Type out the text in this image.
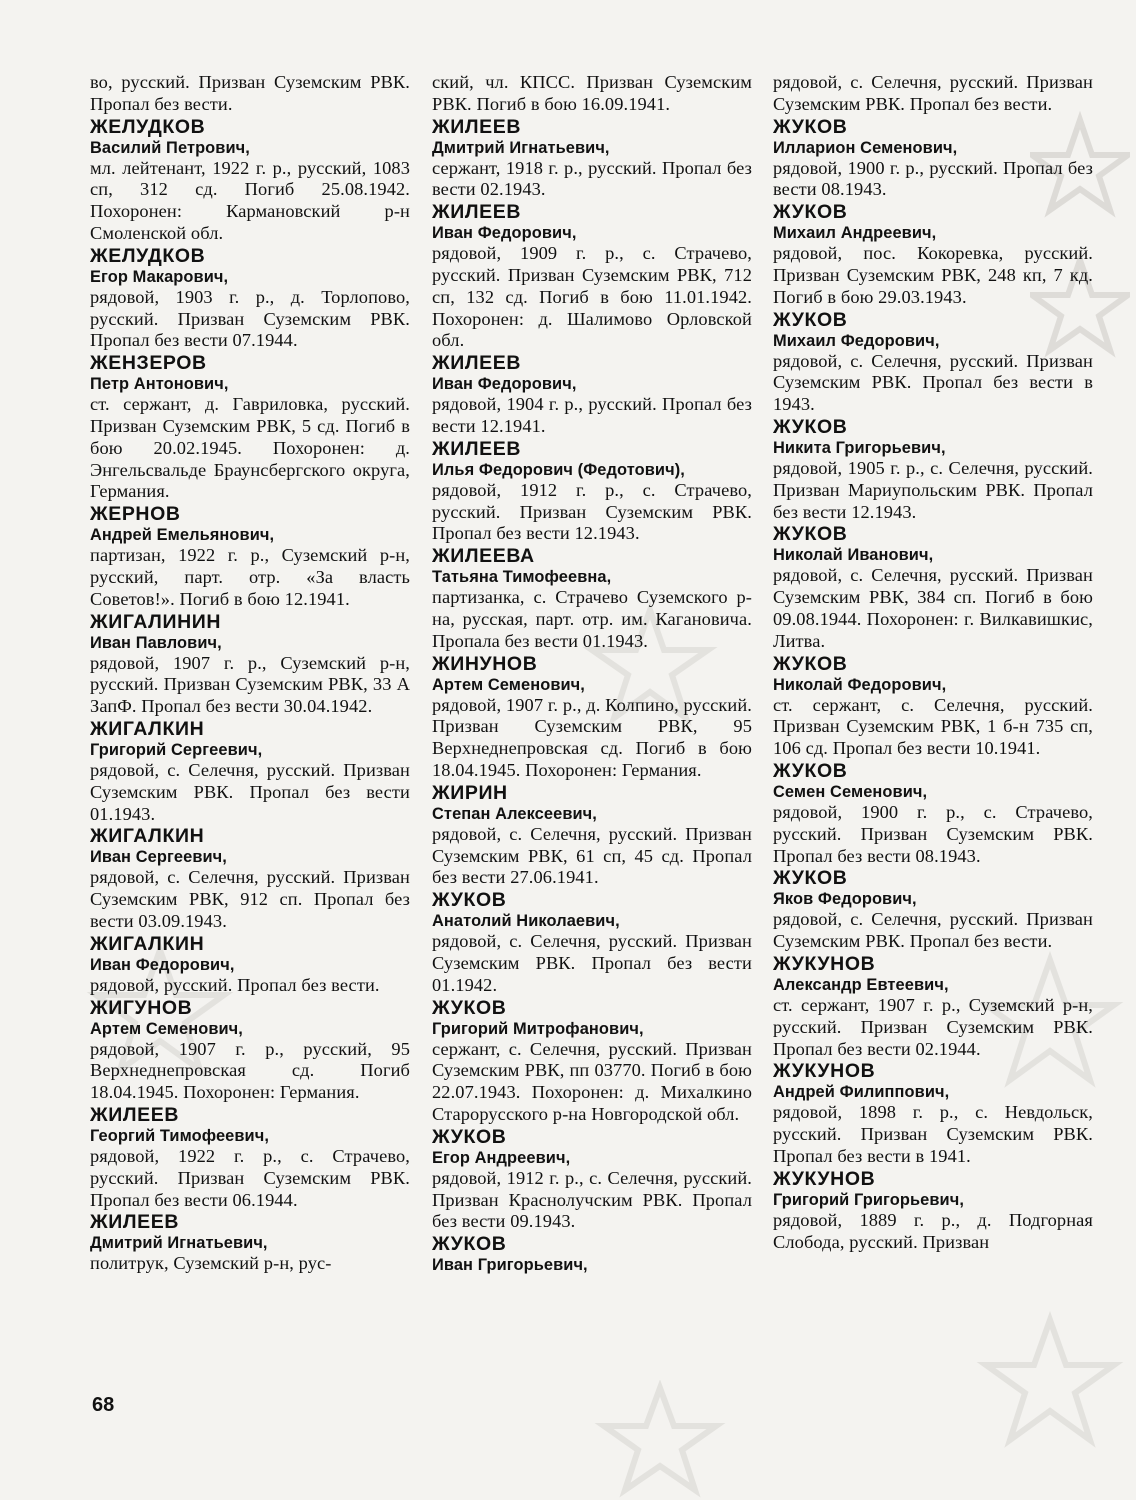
во, русский. Призван Суземским РВК. Пропал без вести.
ЖЕЛУДКОВ
Василий Петрович,
мл. лейтенант, 1922 г. р., русский, 1083 сп, 312 сд. Погиб 25.08.1942. Похоронен: Кармановский р-н Смоленской обл.
ЖЕЛУДКОВ
Егор Макарович,
рядовой, 1903 г. р., д. Торлопово, русский. Призван Суземским РВК. Пропал без вести 07.1944.
ЖЕНЗЕРОВ
Петр Антонович,
ст. сержант, д. Гавриловка, русский. Призван Суземским РВК, 5 сд. Погиб в бою 20.02.1945. Похоронен: д. Энгельсвальде Браунсбергского округа, Германия.
ЖЕРНОВ
Андрей Емельянович,
партизан, 1922 г. р., Суземский р-н, русский, парт. отр. «За власть Советов!». Погиб в бою 12.1941.
ЖИГАЛИНИН
Иван Павлович,
рядовой, 1907 г. р., Суземский р-н, русский. Призван Суземским РВК, 33 А ЗапФ. Пропал без вести 30.04.1942.
ЖИГАЛКИН
Григорий Сергеевич,
рядовой, с. Селечня, русский. Призван Суземским РВК. Пропал без вести 01.1943.
ЖИГАЛКИН
Иван Сергеевич,
рядовой, с. Селечня, русский. Призван Суземским РВК, 912 сп. Пропал без вести 03.09.1943.
ЖИГАЛКИН
Иван Федорович,
рядовой, русский. Пропал без вести.
ЖИГУНОВ
Артем Семенович,
рядовой, 1907 г. р., русский, 95 Верхнеднепровская сд. Погиб 18.04.1945. Похоронен: Германия.
ЖИЛЕЕВ
Георгий Тимофеевич,
рядовой, 1922 г. р., с. Страчево, русский. Призван Суземским РВК. Пропал без вести 06.1944.
ЖИЛЕЕВ
Дмитрий Игнатьевич,
политрук, Суземский р-н, рус-
ский, чл. КПСС. Призван Суземским РВК. Погиб в бою 16.09.1941.
ЖИЛЕЕВ
Дмитрий Игнатьевич,
сержант, 1918 г. р., русский. Пропал без вести 02.1943.
ЖИЛЕЕВ
Иван Федорович,
рядовой, 1909 г. р., с. Страчево, русский. Призван Суземским РВК, 712 сп, 132 сд. Погиб в бою 11.01.1942. Похоронен: д. Шалимово Орловской обл.
ЖИЛЕЕВ
Иван Федорович,
рядовой, 1904 г. р., русский. Пропал без вести 12.1941.
ЖИЛЕЕВ
Илья Федорович (Федотович),
рядовой, 1912 г. р., с. Страчево, русский. Призван Суземским РВК. Пропал без вести 12.1943.
ЖИЛЕЕВА
Татьяна Тимофеевна,
партизанка, с. Страчево Суземского р-на, русская, парт. отр. им. Кагановича. Пропала без вести 01.1943.
ЖИНУНОВ
Артем Семенович,
рядовой, 1907 г. р., д. Колпино, русский. Призван Суземским РВК, 95 Верхнеднепровская сд. Погиб в бою 18.04.1945. Похоронен: Германия.
ЖИРИН
Степан Алексеевич,
рядовой, с. Селечня, русский. Призван Суземским РВК, 61 сп, 45 сд. Пропал без вести 27.06.1941.
ЖУКОВ
Анатолий Николаевич,
рядовой, с. Селечня, русский. Призван Суземским РВК. Пропал без вести 01.1942.
ЖУКОВ
Григорий Митрофанович,
сержант, с. Селечня, русский. Призван Суземским РВК, пп 03770. Погиб в бою 22.07.1943. Похоронен: д. Михалкино Старорусского р-на Новгородской обл.
ЖУКОВ
Егор Андреевич,
рядовой, 1912 г. р., с. Селечня, русский. Призван Краснолучским РВК. Пропал без вести 09.1943.
ЖУКОВ
Иван Григорьевич,
рядовой, с. Селечня, русский. Призван Суземским РВК. Пропал без вести.
ЖУКОВ
Илларион Семенович,
рядовой, 1900 г. р., русский. Пропал без вести 08.1943.
ЖУКОВ
Михаил Андреевич,
рядовой, пос. Кокоревка, русский. Призван Суземским РВК, 248 кп, 7 кд. Погиб в бою 29.03.1943.
ЖУКОВ
Михаил Федорович,
рядовой, с. Селечня, русский. Призван Суземским РВК. Пропал без вести в 1943.
ЖУКОВ
Никита Григорьевич,
рядовой, 1905 г. р., с. Селечня, русский. Призван Мариупольским РВК. Пропал без вести 12.1943.
ЖУКОВ
Николай Иванович,
рядовой, с. Селечня, русский. Призван Суземским РВК, 384 сп. Погиб в бою 09.08.1944. Похоронен: г. Вилкавишкис, Литва.
ЖУКОВ
Николай Федорович,
ст. сержант, с. Селечня, русский. Призван Суземским РВК, 1 б-н 735 сп, 106 сд. Пропал без вести 10.1941.
ЖУКОВ
Семен Семенович,
рядовой, 1900 г. р., с. Страчево, русский. Призван Суземским РВК. Пропал без вести 08.1943.
ЖУКОВ
Яков Федорович,
рядовой, с. Селечня, русский. Призван Суземским РВК. Пропал без вести.
ЖУКУНОВ
Александр Евтеевич,
ст. сержант, 1907 г. р., Суземский р-н, русский. Призван Суземским РВК. Пропал без вести 02.1944.
ЖУКУНОВ
Андрей Филиппович,
рядовой, 1898 г. р., с. Невдольск, русский. Призван Суземским РВК. Пропал без вести в 1941.
ЖУКУНОВ
Григорий Григорьевич,
рядовой, 1889 г. р., д. Подгорная Слобода, русский. Призван
68
